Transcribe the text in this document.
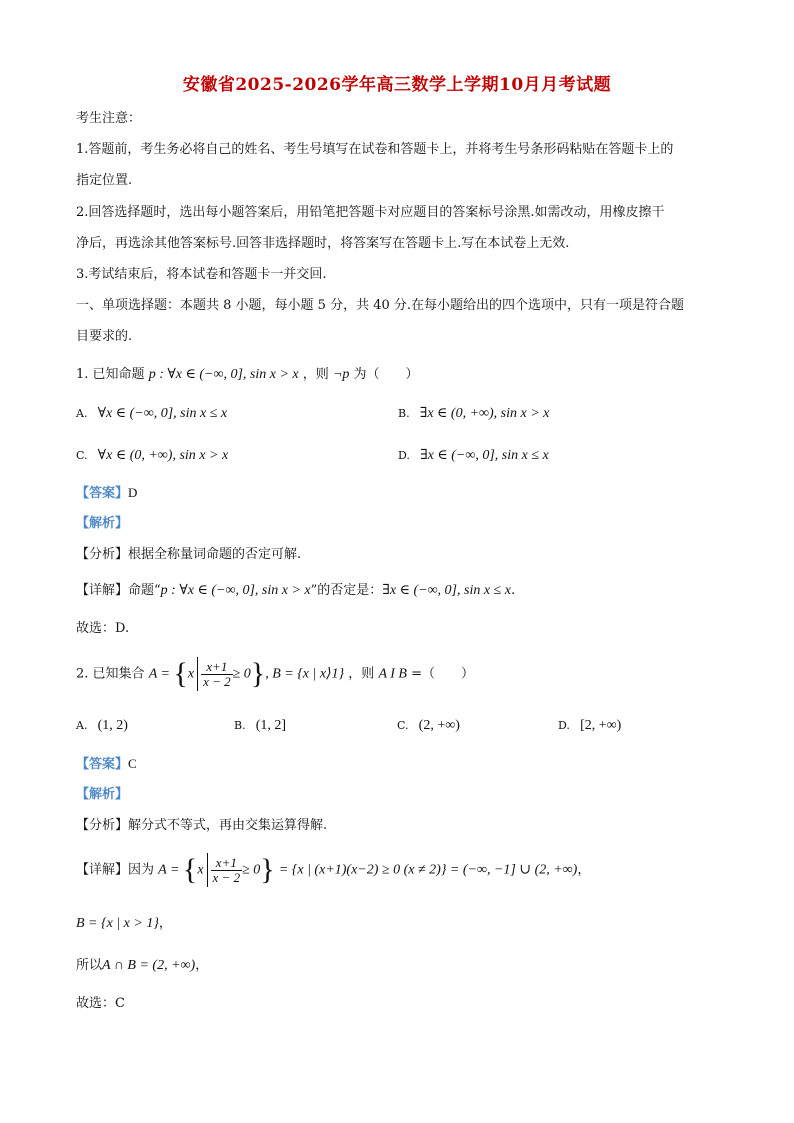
安徽省2025-2026学年高三数学上学期10月月考试题
考生注意：
1.答题前，考生务必将自己的姓名、考生号填写在试卷和答题卡上，并将考生号条形码粘贴在答题卡上的
指定位置.
2.回答选择题时，选出每小题答案后，用铅笔把答题卡对应题目的答案标号涂黑.如需改动，用橡皮擦干
净后，再选涂其他答案标号.回答非选择题时，将答案写在答题卡上.写在本试卷上无效.
3.考试结束后，将本试卷和答题卡一并交回.
一、单项选择题：本题共 8 小题，每小题 5 分，共 40 分.在每小题给出的四个选项中，只有一项是符合题
目要求的.
1. 已知命题 p : ∀x ∈ (−∞, 0], sin x > x ，则 ¬p 为（　　）
A. ∀x ∈ (−∞, 0], sin x ≤ x	B. ∃x ∈ (0, +∞), sin x > x
C. ∀x ∈ (0, +∞), sin x > x	D. ∃x ∈ (−∞, 0], sin x ≤ x
【答案】D
【解析】
【分析】根据全称量词命题的否定可解.
【详解】命题“p : ∀x ∈ (−∞, 0], sin x > x”的否定是：∃x ∈ (−∞, 0], sin x ≤ x.
故选：D.
2. 已知集合 $A = \{x \frac{x+1}{x - 2} \ge 0\}$, B = {x | x⟩1} ，则 A I B =（　　）
A. (1, 2)	B. (1, 2]	C. (2, +∞)	D. [2, +∞)
【答案】C
【解析】
【分析】解分式不等式，再由交集运算得解.
【详解】因为 $A = \{x \frac{x+1}{x - 2} \ge 0\} = \{x$ | (x+1)(x−2) ≥ 0 (x ≠ 2)} = (−∞, −1] ∪ (2, +∞)，
B = {x | x > 1}，
所以A ∩ B = (2, +∞)，
故选：C
